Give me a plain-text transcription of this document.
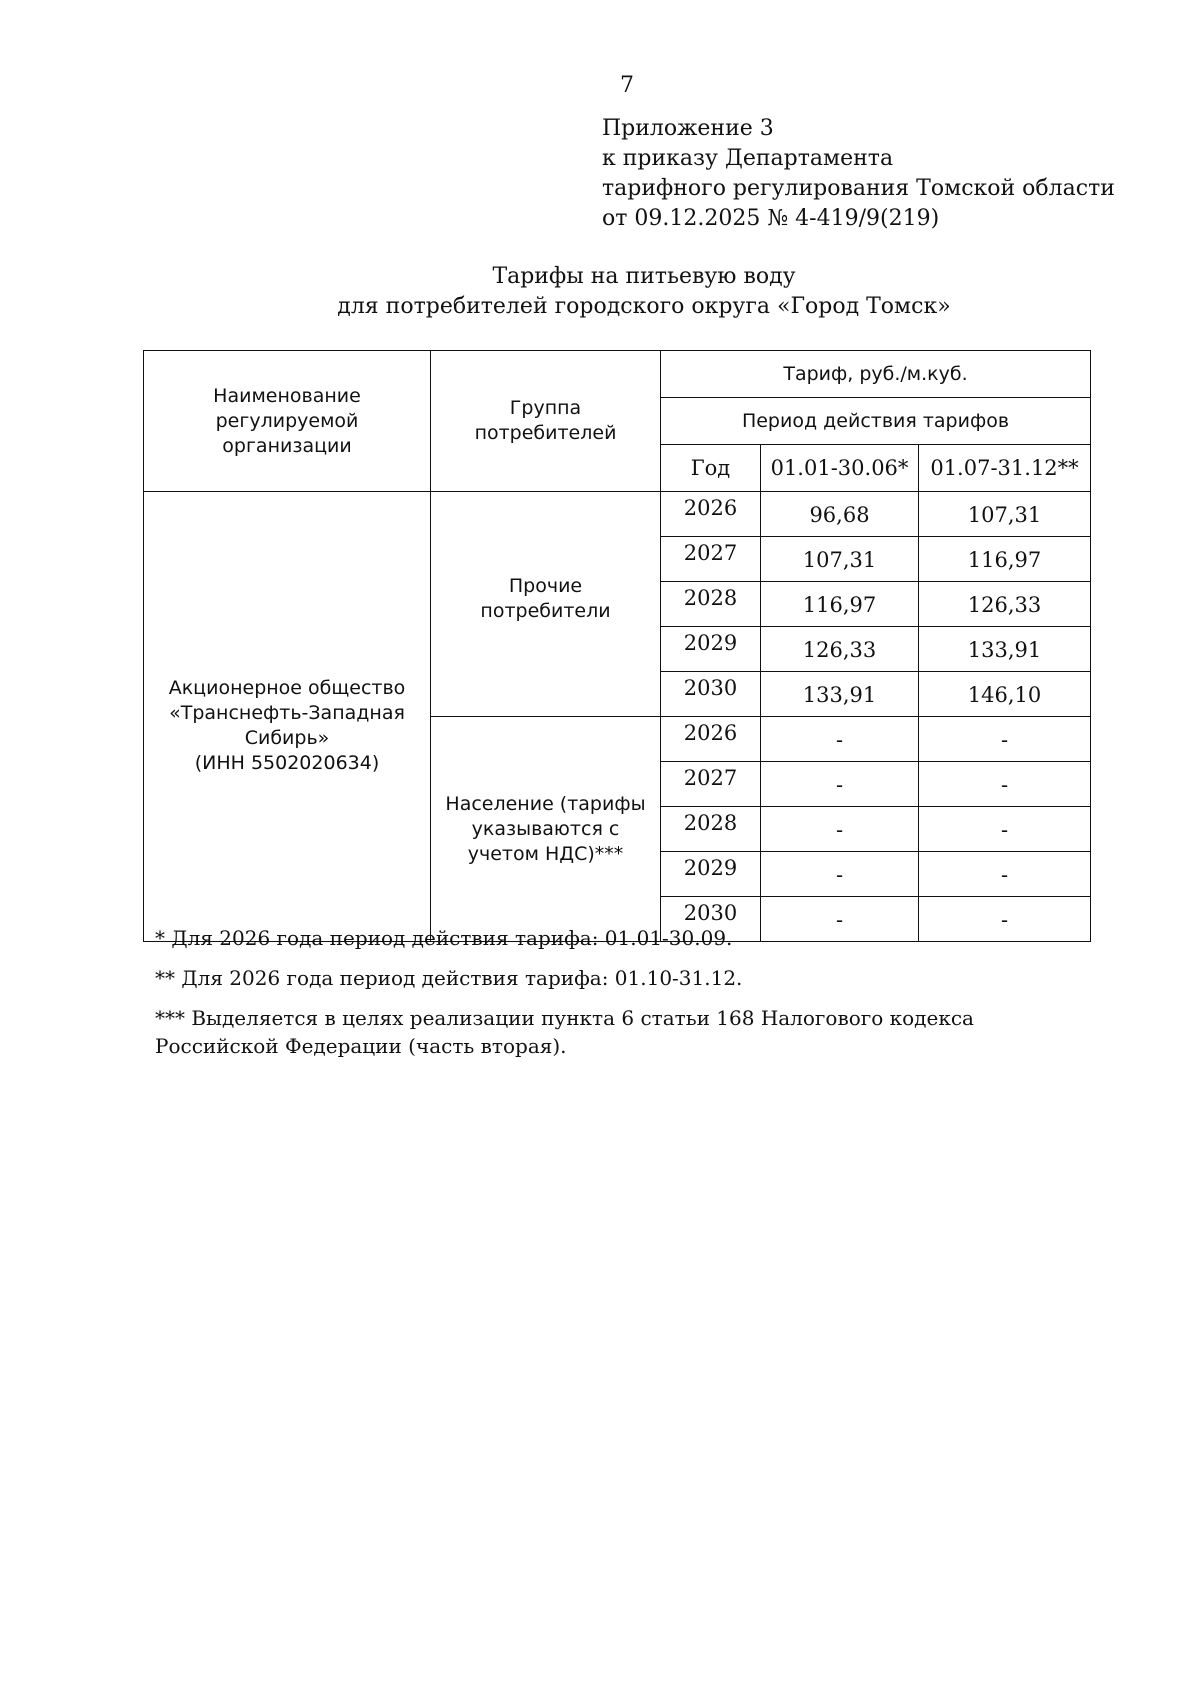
7
Приложение 3
к приказу Департамента
тарифного регулирования Томской области
от 09.12.2025 № 4-419/9(219)
Тарифы на питьевую воду
для потребителей городского округа «Город Томск»
Наименование регулируемой организации	Группа потребителей	Тариф, руб./м.куб.		
		Период действия тарифов		
		Год	01.01-30.06*	01.07-31.12**

Акционерное общество
«Транснефть-Западная Сибирь»
(ИНН 5502020634)	Прочие потребители	2026	96,68	107,31
		2027	107,31	116,97
		2028	116,97	126,33
		2029	126,33	133,91
		2030	133,91	146,10
	Население (тарифы указываются с учетом НДС)***	2026	-	-
		2027	-	-
		2028	-	-
		2029	-	-
		2030	-	-

* Для 2026 года период действия тарифа: 01.01-30.09.

** Для 2026 года период действия тарифа: 01.10-31.12.

*** Выделяется в целях реализации пункта 6 статьи 168 Налогового кодекса Российской Федерации (часть вторая).
